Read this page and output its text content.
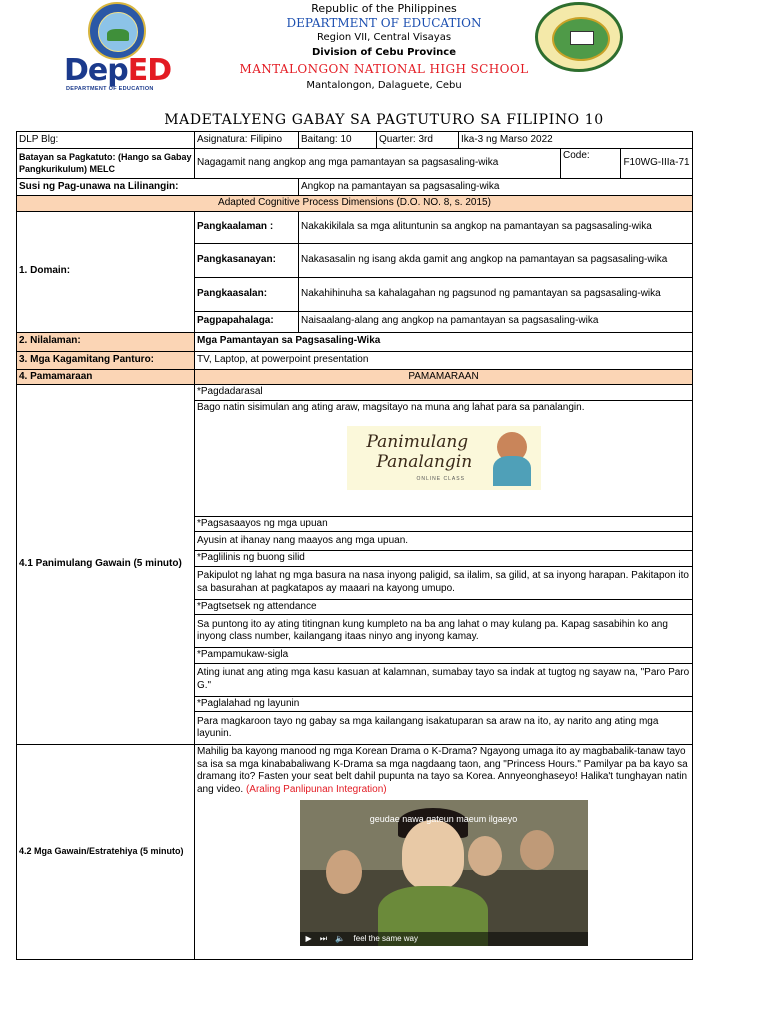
DepED
DEPARTMENT OF EDUCATION
Republic of the Philippines
DEPARTMENT OF EDUCATION
Region VII, Central Visayas
Division of Cebu Province
MANTALONGON NATIONAL HIGH SCHOOL
Mantalongon, Dalaguete, Cebu
MADETALYENG GABAY SA PAGTUTURO SA FILIPINO 10
DLP Blg:	Asignatura: Filipino	Baitang: 10	Quarter: 3rd	Ika-3 ng Marso 2022		
Batayan sa Pagkatuto: (Hango sa Gabay Pangkurikulum) MELC	Nagagamit nang angkop ang mga pamantayan sa pagsasaling-wika				Code:	F10WG-IIIa-71
Susi ng Pag-unawa na Lilinangin:		Angkop na pamantayan sa pagsasaling-wika				
Adapted Cognitive Process Dimensions (D.O. NO. 8, s. 2015)						
1. Domain:	Pangkaalaman :	Nakakikilala sa mga alituntunin sa angkop na pamantayan sa pagsasaling-wika				
	Pangkasanayan:	Nakasasalin ng isang akda gamit ang angkop na pamantayan sa pagsasaling-wika				
	Pangkaasalan:	Nakahihinuha sa kahalagahan ng pagsunod ng pamantayan sa pagsasaling-wika				
	Pagpapahalaga:	Naisaalang-alang ang angkop na pamantayan sa pagsasaling-wika				
2. Nilalaman:	Mga Pamantayan sa Pagsasaling-Wika					
3. Mga Kagamitang Panturo:	TV, Laptop, at powerpoint presentation					
4. Pamamaraan	PAMAMARAAN					
4.1 Panimulang Gawain (5 minuto)	*Pagdadarasal					

	Bago natin sisimulan ang ating araw, magsitayo na muna ang lahat para sa panalangin.
Panimulang
Panalangin
ONLINE CLASS					

	*Pagsasaayos ng mga upuan					
	Ayusin at ihanay nang maayos ang mga upuan.					
	*Paglilinis ng buong silid					
	Pakipulot ng lahat ng mga basura na nasa inyong paligid, sa ilalim, sa gilid, at sa inyong harapan. Pakitapon ito sa basurahan at pagkatapos ay maaari na kayong umupo.					
	*Pagtsetsek ng attendance					
	Sa puntong ito ay ating titingnan kung kumpleto na ba ang lahat o may kulang pa. Kapag sasabihin ko ang inyong class number, kailangang itaas ninyo ang inyong kamay.					
	*Pampamukaw-sigla					
	Ating iunat ang ating mga kasu kasuan at kalamnan, sumabay tayo sa indak at tugtog ng sayaw na, "Paro Paro G."					
	*Paglalahad ng layunin					
	Para magkaroon tayo ng gabay sa mga kailangang isakatuparan sa araw na ito, ay narito ang ating mga layunin.					
4.2 Mga Gawain/Estratehiya (5 minuto)	Mahilig ba kayong manood ng mga Korean Drama o K-Drama? Ngayong umaga ito ay magbabalik-tanaw tayo sa isa sa mga kinababaliwang K-Drama sa mga nagdaang taon, ang "Princess Hours." Pamilyar pa ba kayo sa dramang ito? Fasten your seat belt dahil pupunta na tayo sa Korea. Annyeonghaseyo! Halika't tunghayan natin ang video. (Araling Panlipunan Integration)
geudae nawa gateun maeum ilgaeyo
▶ ⏭ 🔈 feel the same way					
